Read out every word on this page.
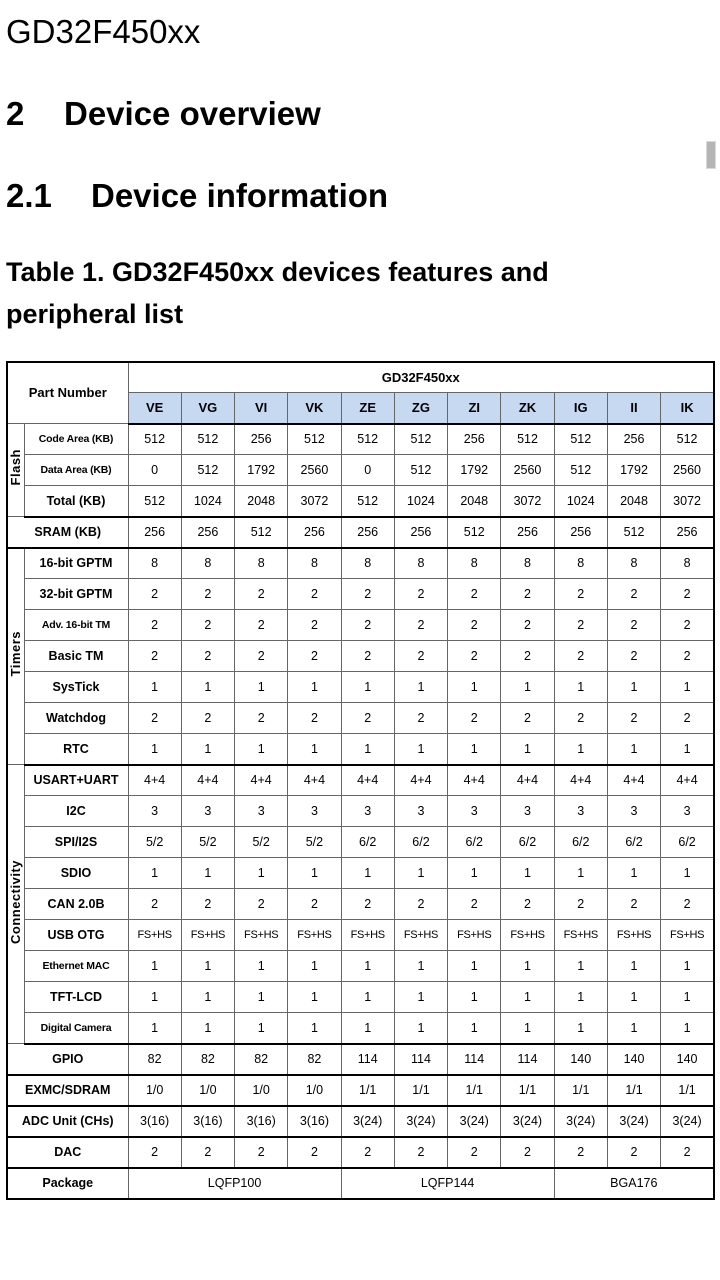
GD32F450xx
2	Device overview
2.1	Device information
Table 1. GD32F450xx devices features and peripheral list
Part Number		GD32F450xx										
		VE	VG	VI	VK	ZE	ZG	ZI	ZK	IG	II	IK
Flash	Code Area (KB)	512	512	256	512	512	512	256	512	512	256	512
	Data Area (KB)	0	512	1792	2560	0	512	1792	2560	512	1792	2560
	Total (KB)	512	1024	2048	3072	512	1024	2048	3072	1024	2048	3072
SRAM (KB)		256	256	512	256	256	256	512	256	256	512	256
Timers	16-bit GPTM	8	8	8	8	8	8	8	8	8	8	8
	32-bit GPTM	2	2	2	2	2	2	2	2	2	2	2
	Adv. 16-bit TM	2	2	2	2	2	2	2	2	2	2	2
	Basic TM	2	2	2	2	2	2	2	2	2	2	2
	SysTick	1	1	1	1	1	1	1	1	1	1	1
	Watchdog	2	2	2	2	2	2	2	2	2	2	2
	RTC	1	1	1	1	1	1	1	1	1	1	1
Connectivity	USART+UART	4+4	4+4	4+4	4+4	4+4	4+4	4+4	4+4	4+4	4+4	4+4
	I2C	3	3	3	3	3	3	3	3	3	3	3
	SPI/I2S	5/2	5/2	5/2	5/2	6/2	6/2	6/2	6/2	6/2	6/2	6/2
	SDIO	1	1	1	1	1	1	1	1	1	1	1
	CAN 2.0B	2	2	2	2	2	2	2	2	2	2	2
	USB OTG	FS+HS	FS+HS	FS+HS	FS+HS	FS+HS	FS+HS	FS+HS	FS+HS	FS+HS	FS+HS	FS+HS
	Ethernet MAC	1	1	1	1	1	1	1	1	1	1	1
	TFT-LCD	1	1	1	1	1	1	1	1	1	1	1
	Digital Camera	1	1	1	1	1	1	1	1	1	1	1
GPIO		82	82	82	82	114	114	114	114	140	140	140
EXMC/SDRAM		1/0	1/0	1/0	1/0	1/1	1/1	1/1	1/1	1/1	1/1	1/1
ADC Unit (CHs)		3(16)	3(16)	3(16)	3(16)	3(24)	3(24)	3(24)	3(24)	3(24)	3(24)	3(24)
DAC		2	2	2	2	2	2	2	2	2	2	2
Package		LQFP100				LQFP144				BGA176		
